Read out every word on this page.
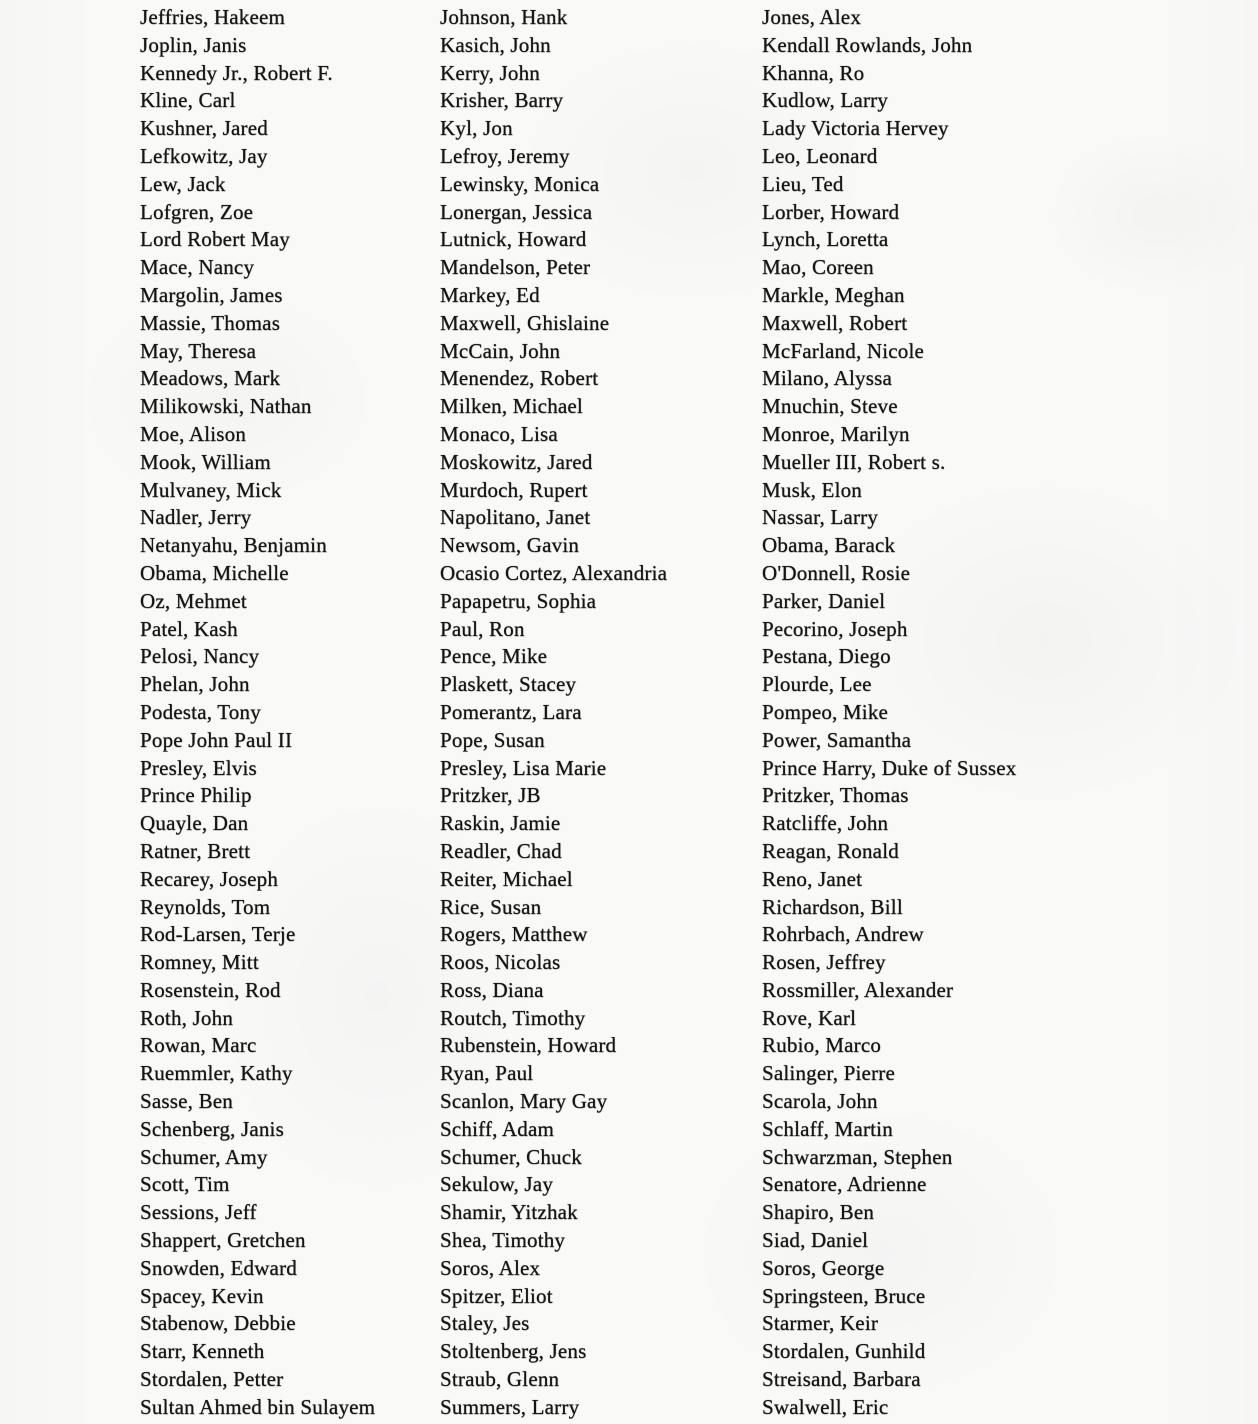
Jeffries, Hakeem
Joplin, Janis
Kennedy Jr., Robert F.
Kline, Carl
Kushner, Jared
Lefkowitz, Jay
Lew, Jack
Lofgren, Zoe
Lord Robert May
Mace, Nancy
Margolin, James
Massie, Thomas
May, Theresa
Meadows, Mark
Milikowski, Nathan
Moe, Alison
Mook, William
Mulvaney, Mick
Nadler, Jerry
Netanyahu, Benjamin
Obama, Michelle
Oz, Mehmet
Patel, Kash
Pelosi, Nancy
Phelan, John
Podesta, Tony
Pope John Paul II
Presley, Elvis
Prince Philip
Quayle, Dan
Ratner, Brett
Recarey, Joseph
Reynolds, Tom
Rod-Larsen, Terje
Romney, Mitt
Rosenstein, Rod
Roth, John
Rowan, Marc
Ruemmler, Kathy
Sasse, Ben
Schenberg, Janis
Schumer, Amy
Scott, Tim
Sessions, Jeff
Shappert, Gretchen
Snowden, Edward
Spacey, Kevin
Stabenow, Debbie
Starr, Kenneth
Stordalen, Petter
Sultan Ahmed bin Sulayem
Johnson, Hank
Kasich, John
Kerry, John
Krisher, Barry
Kyl, Jon
Lefroy, Jeremy
Lewinsky, Monica
Lonergan, Jessica
Lutnick, Howard
Mandelson, Peter
Markey, Ed
Maxwell, Ghislaine
McCain, John
Menendez, Robert
Milken, Michael
Monaco, Lisa
Moskowitz, Jared
Murdoch, Rupert
Napolitano, Janet
Newsom, Gavin
Ocasio Cortez, Alexandria
Papapetru, Sophia
Paul, Ron
Pence, Mike
Plaskett, Stacey
Pomerantz, Lara
Pope, Susan
Presley, Lisa Marie
Pritzker, JB
Raskin, Jamie
Readler, Chad
Reiter, Michael
Rice, Susan
Rogers, Matthew
Roos, Nicolas
Ross, Diana
Routch, Timothy
Rubenstein, Howard
Ryan, Paul
Scanlon, Mary Gay
Schiff, Adam
Schumer, Chuck
Sekulow, Jay
Shamir, Yitzhak
Shea, Timothy
Soros, Alex
Spitzer, Eliot
Staley, Jes
Stoltenberg, Jens
Straub, Glenn
Summers, Larry
Jones, Alex
Kendall Rowlands, John
Khanna, Ro
Kudlow, Larry
Lady Victoria Hervey
Leo, Leonard
Lieu, Ted
Lorber, Howard
Lynch, Loretta
Mao, Coreen
Markle, Meghan
Maxwell, Robert
McFarland, Nicole
Milano, Alyssa
Mnuchin, Steve
Monroe, Marilyn
Mueller III, Robert s.
Musk, Elon
Nassar, Larry
Obama, Barack
O'Donnell, Rosie
Parker, Daniel
Pecorino, Joseph
Pestana, Diego
Plourde, Lee
Pompeo, Mike
Power, Samantha
Prince Harry, Duke of Sussex
Pritzker, Thomas
Ratcliffe, John
Reagan, Ronald
Reno, Janet
Richardson, Bill
Rohrbach, Andrew
Rosen, Jeffrey
Rossmiller, Alexander
Rove, Karl
Rubio, Marco
Salinger, Pierre
Scarola, John
Schlaff, Martin
Schwarzman, Stephen
Senatore, Adrienne
Shapiro, Ben
Siad, Daniel
Soros, George
Springsteen, Bruce
Starmer, Keir
Stordalen, Gunhild
Streisand, Barbara
Swalwell, Eric
